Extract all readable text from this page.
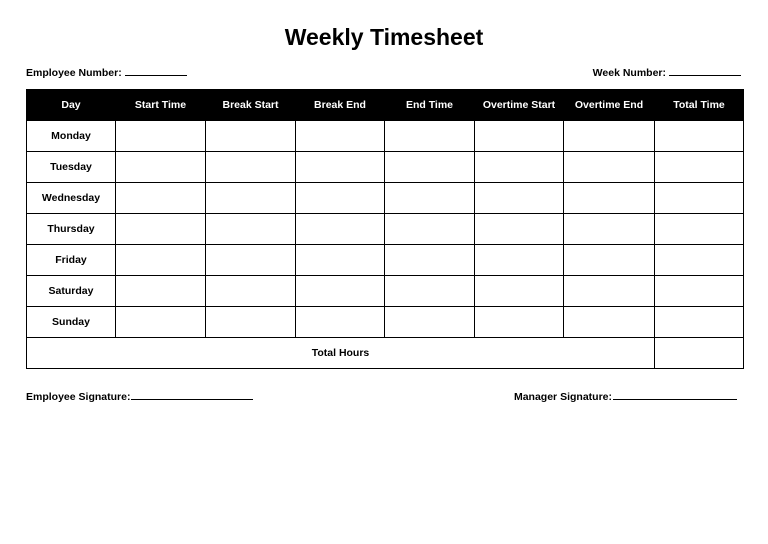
Weekly Timesheet
Employee Number:	Week Number:
Day	Start Time	Break Start	Break End	End Time	Overtime Start	Overtime End	Total Time
Monday							
Tuesday							
Wednesday							
Thursday							
Friday							
Saturday							
Sunday							
Total Hours							
Employee Signature:	Manager Signature:
